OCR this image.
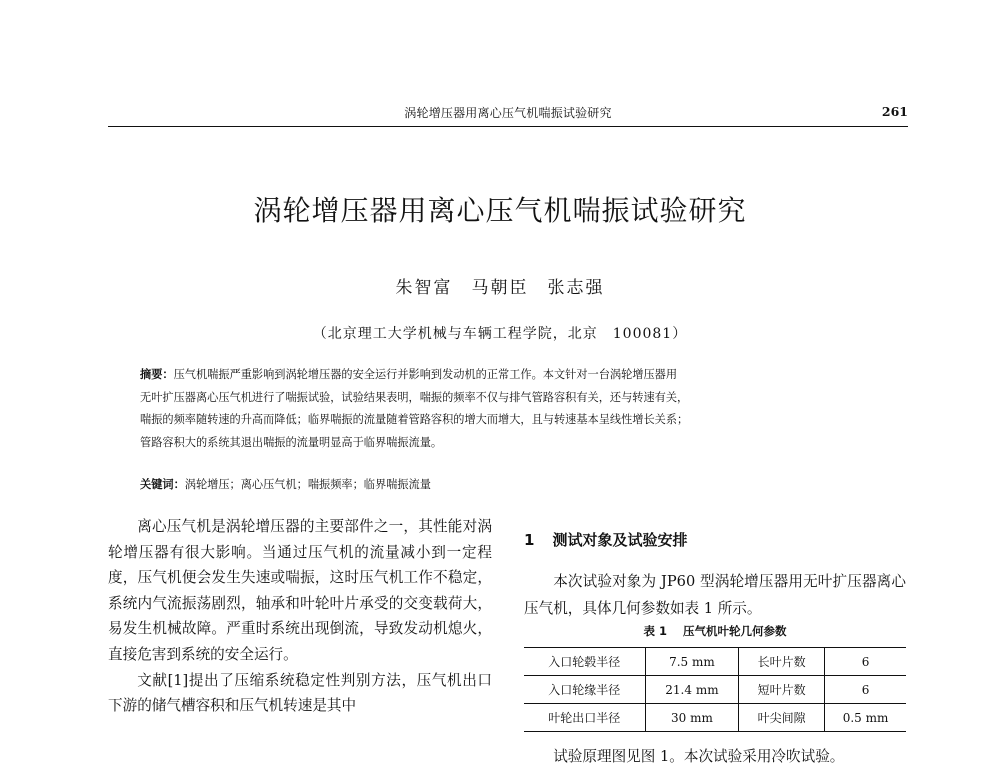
涡轮增压器用离心压气机喘振试验研究	261
涡轮增压器用离心压气机喘振试验研究
朱智富　马朝臣　张志强
（北京理工大学机械与车辆工程学院，北京　100081）
摘要：压气机喘振严重影响到涡轮增压器的安全运行并影响到发动机的正常工作。本文针对一台涡轮增压器用
无叶扩压器离心压气机进行了喘振试验，试验结果表明，喘振的频率不仅与排气管路容积有关，还与转速有关，
喘振的频率随转速的升高而降低；临界喘振的流量随着管路容积的增大而增大，且与转速基本呈线性增长关系；
管路容积大的系统其退出喘振的流量明显高于临界喘振流量。
关键词：涡轮增压；离心压气机；喘振频率；临界喘振流量

离心压气机是涡轮增压器的主要部件之一，其性能对涡轮增压器有很大影响。当通过压气机的流量减小到一定程度，压气机便会发生失速或喘振，这时压气机工作不稳定，系统内气流振荡剧烈，轴承和叶轮叶片承受的交变载荷大，易发生机械故障。严重时系统出现倒流，导致发动机熄火，直接危害到系统的安全运行。

文献[1]提出了压缩系统稳定性判别方法，压气机出口下游的储气槽容积和压气机转速是其中

1 测试对象及试验安排

本次试验对象为 JP60 型涡轮增压器用无叶扩压器离心压气机，具体几何参数如表 1 所示。

表 1 压气机叶轮几何参数
入口轮毂半径	7.5 mm	长叶片数	6
入口轮缘半径	21.4 mm	短叶片数	6
叶轮出口半径	30 mm	叶尖间隙	0.5 mm

试验原理图见图 1。本次试验采用冷吹试验。
